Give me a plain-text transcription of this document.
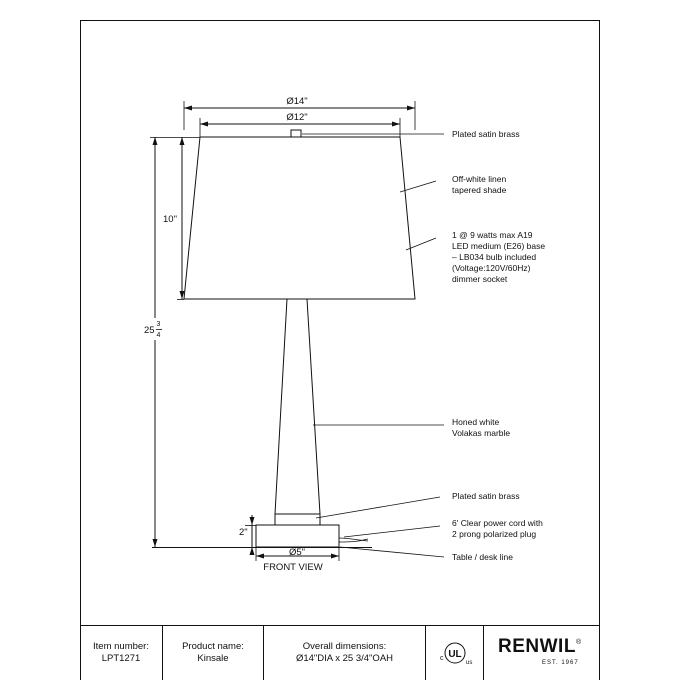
Ø14"
Ø12"
10"
25
3
4
2"
Ø5"
FRONT VIEW
Plated satin brass
Off-white linen
tapered shade
1 @ 9 watts max A19
LED medium (E26) base
– LB034 bulb included
(Voltage:120V/60Hz)
dimmer socket
Honed white
Volakas marble
Plated satin brass
6' Clear power cord with
2 prong polarized plug
Table / desk line
Item number:
LPT1271
Product name:
Kinsale
Overall dimensions:
Ø14"DIA x 25 3/4"OAH	UL
c
us
RENWIL®
EST. 1967
